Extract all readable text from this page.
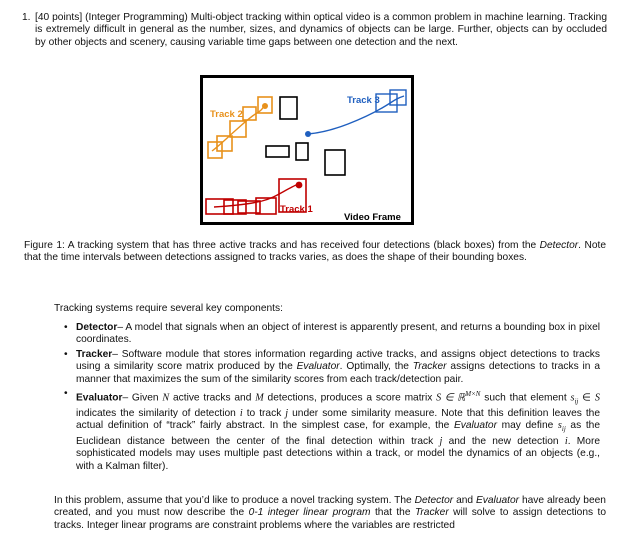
1. [40 points] (Integer Programming) Multi-object tracking within optical video is a common problem in machine learning. Tracking is extremely difficult in general as the number, sizes, and dynamics of objects can be large. Further, objects can by occluded by other objects and scenery, causing variable time gaps between one detection and the next.
Track 2
Track 3
Track 1
Video Frame
Figure 1: A tracking system that has three active tracks and has received four detections (black boxes) from the Detector. Note that the time intervals between detections assigned to tracks varies, as does the shape of their bounding boxes.
Tracking systems require several key components:
• Detector– A model that signals when an object of interest is apparently present, and returns a bounding box in pixel coordinates.
• Tracker– Software module that stores information regarding active tracks, and assigns object detections to tracks using a similarity score matrix produced by the Evaluator. Optimally, the Tracker assigns detections to tracks in a manner that maximizes the sum of the similarity scores from each track/detection pair.
• Evaluator– Given N active tracks and M detections, produces a score matrix S ∈ ℝ$^{M\times N}$ such that element $s_{ij}$ ∈ S indicates the similarity of detection i to track j under some similarity measure. Note that this definition leaves the actual definition of “track” fairly abstract. In the simplest case, for example, the Evaluator may define $s_{ij}$ as the Euclidean distance between the center of the final detection within track j and the new detection i. More sophisticated models may uses multiple past detections within a track, or model the dynamics of an objects (e.g., with a Kalman filter).
In this problem, assume that you’d like to produce a novel tracking system. The Detector and Evaluator have already been created, and you must now describe the 0-1 integer linear program that the Tracker will solve to assign detections to tracks. Integer linear programs are constraint problems where the variables are restricted
